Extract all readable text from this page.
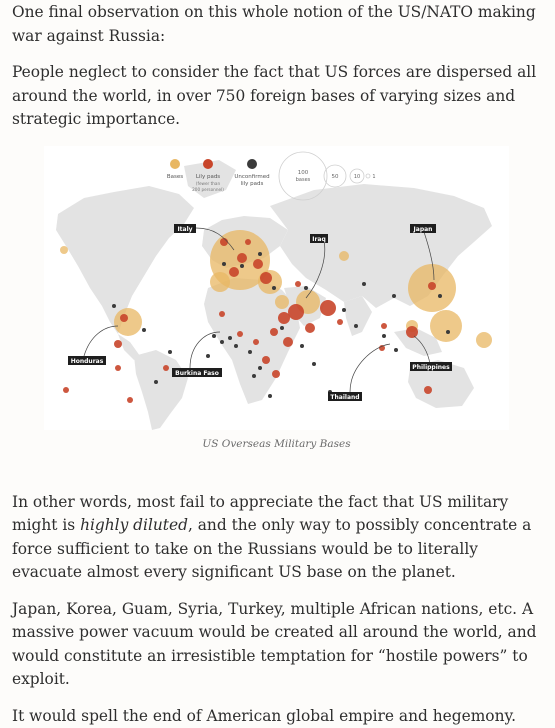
One final observation on this whole notion of the US/NATO making war against Russia:

People neglect to consider the fact that US forces are dispersed all around the world, in over 750 foreign bases of varying sizes and strategic importance.

Bases Lily pads
(fewer than
200 personnel)
Unconfirmed
lily pads
100
bases	50	10 1
Italy
Iraq
Japan
Honduras
Burkina Faso
Philippines
Thailand
US Overseas Military Bases

In other words, most fail to appreciate the fact that US military might is highly diluted, and the only way to possibly concentrate a force sufficient to take on the Russians would be to literally evacuate almost every significant US base on the planet.

Japan, Korea, Guam, Syria, Turkey, multiple African nations, etc. A massive power vacuum would be created all around the world, and would constitute an irresistible temptation for “hostile powers” to exploit.

It would spell the end of American global empire and hegemony.
